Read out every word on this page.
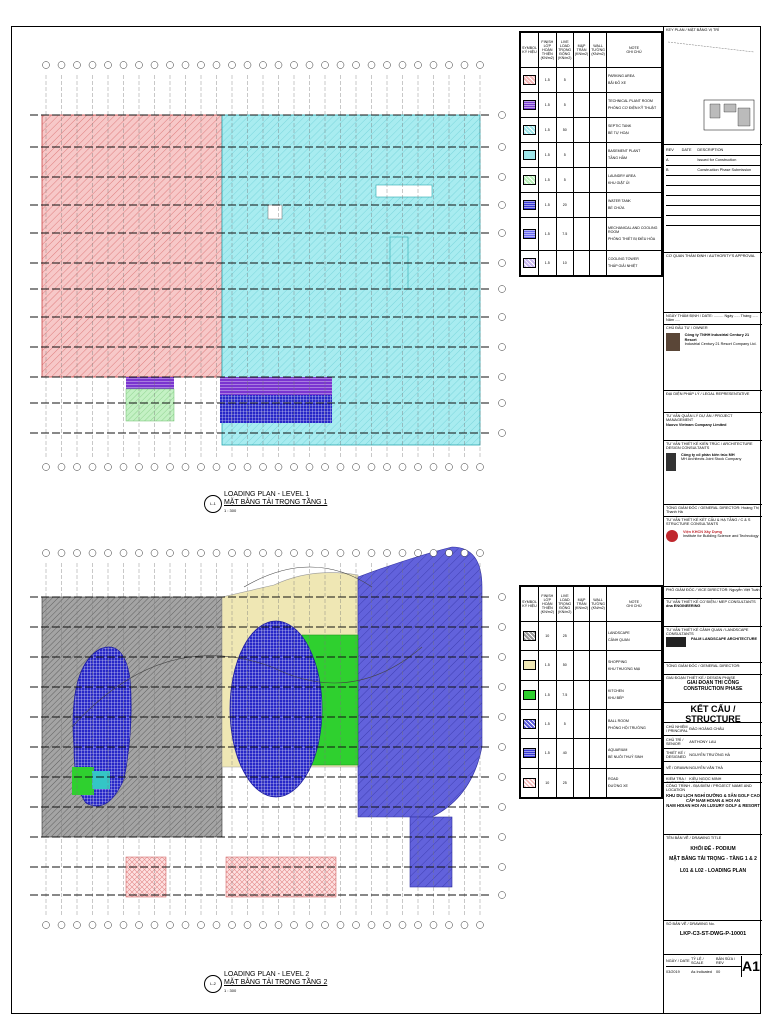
L-1
LOADING PLAN - LEVEL 1
MẶT BẰNG TẢI TRỌNG TẦNG 1
1 : 300
L-2
LOADING PLAN - LEVEL 2
MẶT BẰNG TẢI TRỌNG TẦNG 2
1 : 300
SYMBOL
KÝ HIỆU	FINISH
LỚP HOÀN THIỆN
(KN/m2)	LIVE LOAD
TRỌNG ĐỘNG
(KN/m2)	M&P
TRẦN
(KN/m2)	WALL
TƯỜNG
(KN/m2)	NOTE
GHI CHÚ

	1.5	5			PARKING AREA
BÃI ĐỖ XE

	1.5	5			TECHNICAL PLANT ROOM
PHÒNG CƠ ĐIỆN KỸ THUẬT

	1.5	50			SEPTIC TANK
BỂ TỰ HOẠI

	1.5	5			BASEMENT PLANT
TẦNG HẦM

	1.5	5			LAUNDRY AREA
KHU GIẶT ỦI

	1.5	20			WATER TANK
BỂ CHỨA

	1.5	7.5			MECHANICAL AND COOLING ROOM
PHÒNG THIẾT BỊ ĐIỀU HÒA

	1.5	10			COOLING TOWER
THÁP GIẢI NHIỆT
SYMBOL
KÝ HIỆU	FINISH
LỚP HOÀN THIỆN
(KN/m2)	LIVE LOAD
TRỌNG ĐỘNG
(KN/m2)	M&P
TRẦN
(KN/m2)	WALL
TƯỜNG
(KN/m2)	NOTE
GHI CHÚ

	10	25			LANDSCAPE
CẢNH QUAN

	1.5	50			SHOPPING
KHU THƯƠNG MẠI

	1.5	7.5			KITCHEN
KHU BẾP

	1.5	5			BALL ROOM
PHÒNG HỘI TRƯỜNG

	1.5	40			AQUARIUM
BỂ NUÔI THUỶ SINH

	10	25			ROAD
ĐƯỜNG XE
KEY PLAN / MẶT BẰNG VỊ TRÍ
REV	DATE	DESCRIPTION
A	Issued for Construction
B	Construction Phase Submission
CƠ QUAN THẨM ĐỊNH / AUTHORITY'S APPROVAL
NGÀY THẨM ĐỊNH / DATE: ......... Ngày ..... Tháng ..... Năm .....
CHỦ ĐẦU TƯ / OWNER
Công ty TNHH Industrial Century 21 Resort
Industrial Century 21 Resort Company Ltd.
ĐẠI DIỆN PHÁP LÝ / LEGAL REPRESENTATIVE
TƯ VẤN QUẢN LÝ DỰ ÁN / PROJECT MANAGEMENT
Nuovo Vietnam Company Limited
TƯ VẤN THIẾT KẾ KIẾN TRÚC / ARCHITECTURE DESIGN CONSULTANTS
Công ty cổ phần kiến trúc MH
MH Architects Joint Stock Company
TỔNG GIÁM ĐỐC / GENERAL DIRECTOR: Hoàng Thị Thanh Hà
TƯ VẤN THIẾT KẾ KẾT CẤU & HẠ TẦNG / C & S STRUCTURE CONSULTANTS
Viện KHCN Xây Dựng
Institute for Building Science and Technology
PHÓ GIÁM ĐỐC / VICE DIRECTOR: Nguyễn Việt Tuấn
TƯ VẤN THIẾT KẾ CƠ ĐIỆN / MEP CONSULTANTS
dna ENGINEERING
TƯ VẤN THIẾT KẾ CẢNH QUAN / LANDSCAPE CONSULTANTS
PALM LANDSCAPE ARCHITECTURE
TỔNG GIÁM ĐỐC / GENERAL DIRECTOR:
GIAI ĐOẠN THIẾT KẾ / DESIGN PHASE
GIAI ĐOẠN THI CÔNG
CONSTRUCTION PHASE
KẾT CẤU / STRUCTURE
CHỦ NHIỆM / PRINCIPAL
ĐÀO HOÀNG CHÂU
CHỦ TRÌ / SENIOR
ANTHONY LAU
THIẾT KẾ / DESIGNED
NGUYỄN TRƯỜNG HÀ
VẼ / DRAWN NGUYỄN VĂN THÀ
KIỂM TRA / CHECKED
KIỀU NGỌC MINH HOÀNG
CÔNG TRÌNH - ĐỊA ĐIỂM / PROJECT NAME AND LOCATION
KHU DU LỊCH NGHỈ DƯỠNG & SÂN GOLF CAO CẤP NAM HOIAN & HOI AN
NAM HOIAN HOI AN LUXURY GOLF & RESORT
TÊN BẢN VẼ / DRAWING TITLE
KHỐI ĐẾ - PODIUM
MẶT BẰNG TẢI TRỌNG - TẦNG 1 & 2
L01 & L02 - LOADING PLAN
SỐ BẢN VẼ / DRAWING No.
LKP-C3-ST-DWG-P-10001
NGÀY / DATE
TỶ LỆ / SCALE
BẢN SỬA / REV
03/2019	As Indicated	00	A1
